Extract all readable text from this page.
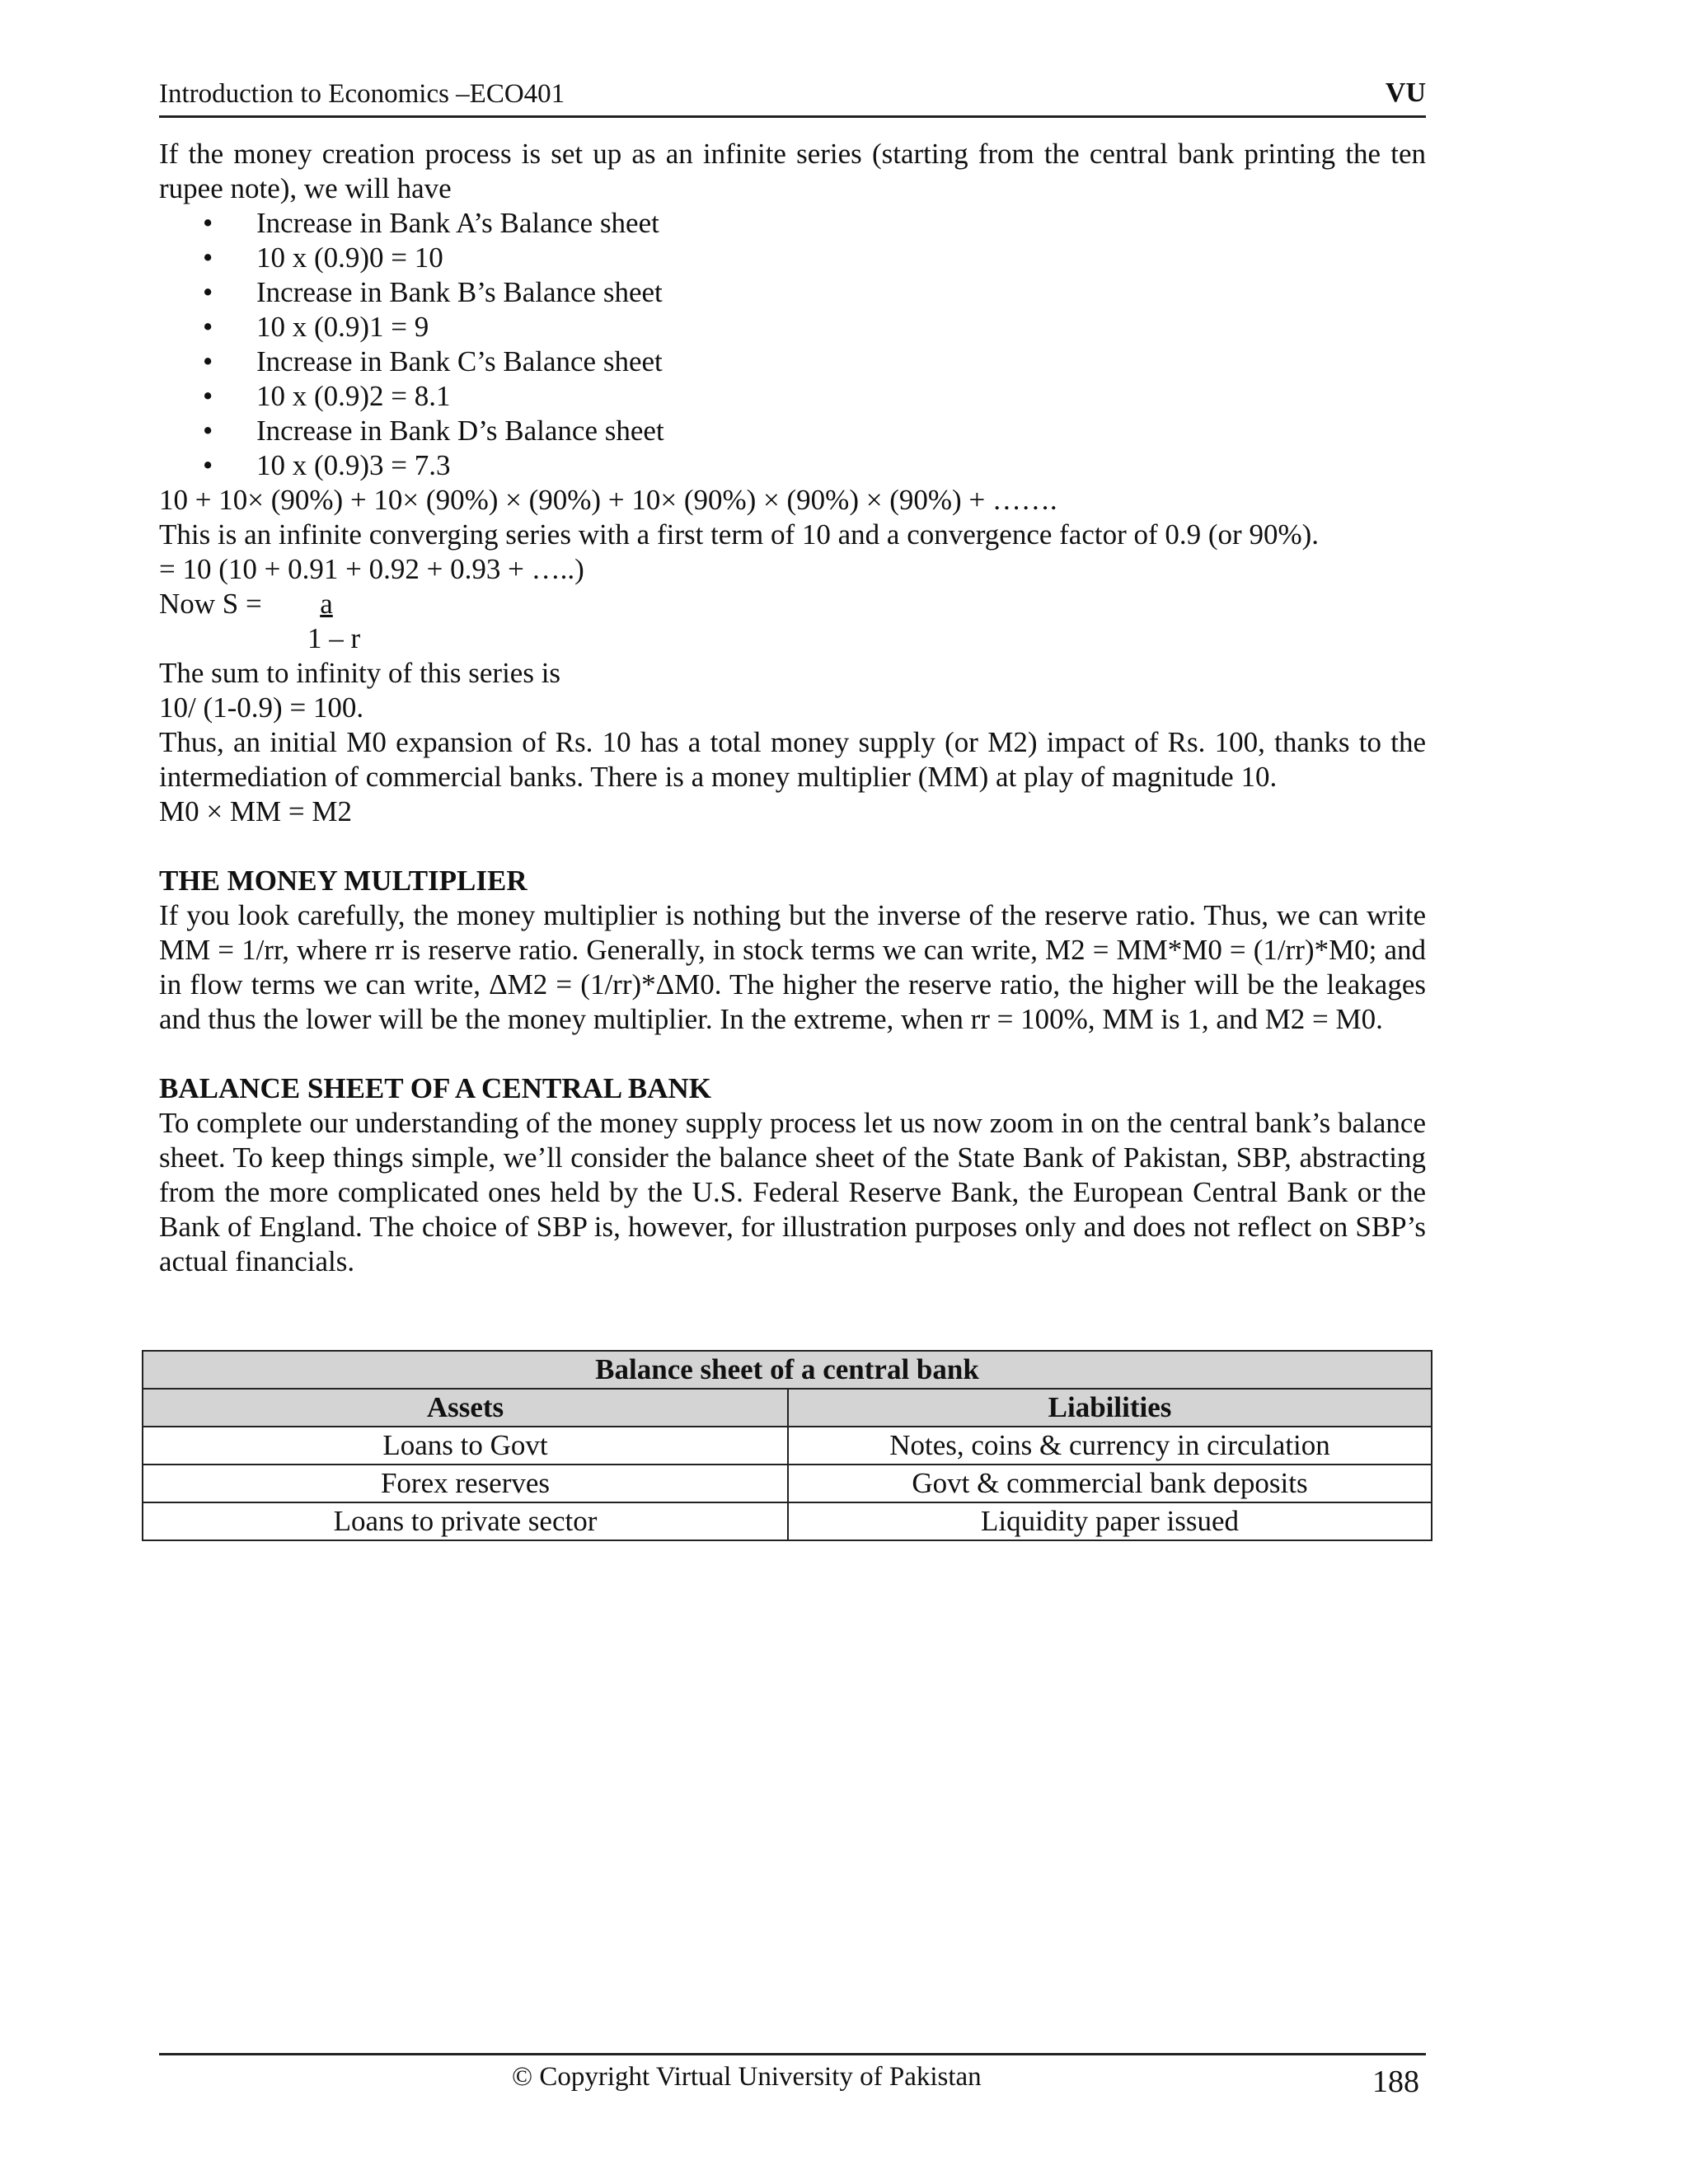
Introduction to Economics –ECO401	VU

If the money creation process is set up as an infinite series (starting from the central bank printing the ten rupee note), we will have

• Increase in Bank A’s Balance sheet
• 10 x (0.9)0 = 10
• Increase in Bank B’s Balance sheet
• 10 x (0.9)1 = 9
• Increase in Bank C’s Balance sheet
• 10 x (0.9)2 = 8.1
• Increase in Bank D’s Balance sheet
• 10 x (0.9)3 = 7.3

10 + 10× (90%) + 10× (90%) × (90%) + 10× (90%) × (90%) × (90%) + …….

This is an infinite converging series with a first term of 10 and a convergence factor of 0.9 (or 90%).

= 10 (10 + 0.91 + 0.92 + 0.93 + …..)

Now S =	a
1 – r

The sum to infinity of this series is

10/ (1-0.9) = 100.

Thus, an initial M0 expansion of Rs. 10 has a total money supply (or M2) impact of Rs. 100, thanks to the intermediation of commercial banks. There is a money multiplier (MM) at play of magnitude 10.

M0 × MM = M2

THE MONEY MULTIPLIER

If you look carefully, the money multiplier is nothing but the inverse of the reserve ratio. Thus, we can write MM = 1/rr, where rr is reserve ratio. Generally, in stock terms we can write, M2 = MM*M0 = (1/rr)*M0; and in flow terms we can write, ΔM2 = (1/rr)*ΔM0. The higher the reserve ratio, the higher will be the leakages and thus the lower will be the money multiplier. In the extreme, when rr = 100%, MM is 1, and M2 = M0.

BALANCE SHEET OF A CENTRAL BANK

To complete our understanding of the money supply process let us now zoom in on the central bank’s balance sheet. To keep things simple, we’ll consider the balance sheet of the State Bank of Pakistan, SBP, abstracting from the more complicated ones held by the U.S. Federal Reserve Bank, the European Central Bank or the Bank of England. The choice of SBP is, however, for illustration purposes only and does not reflect on SBP’s actual financials.

Balance sheet of a central bank	
Assets	Liabilities
Loans to Govt	Notes, coins & currency in circulation
Forex reserves	Govt & commercial bank deposits
Loans to private sector	Liquidity paper issued
© Copyright Virtual University of Pakistan	188
